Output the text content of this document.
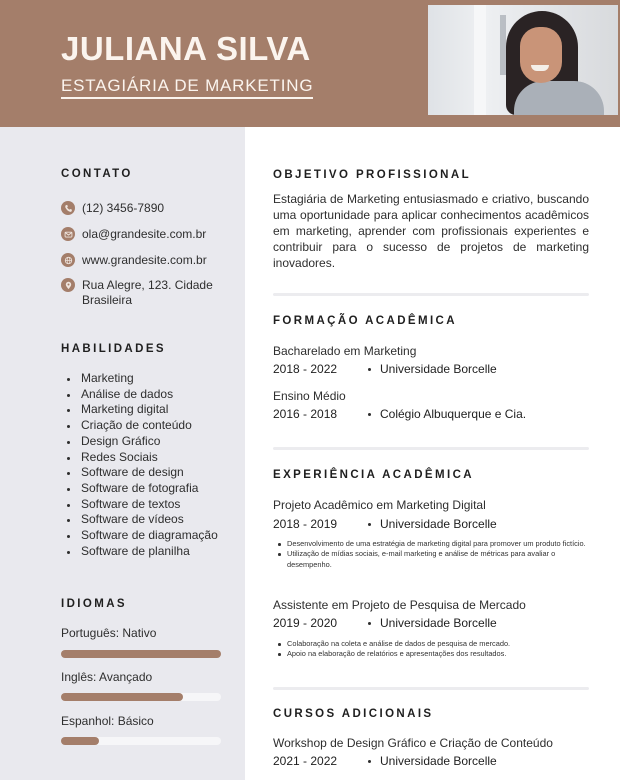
JULIANA SILVA
ESTAGIÁRIA DE MARKETING
CONTATO
(12) 3456-7890
ola@grandesite.com.br
www.grandesite.com.br
Rua Alegre, 123. Cidade Brasileira
HABILIDADES
Marketing
Análise de dados
Marketing digital
Criação de conteúdo
Design Gráfico
Redes Sociais
Software de design
Software de fotografia
Software de textos
Software de vídeos
Software de diagramação
Software de planilha
IDIOMAS
Português: Nativo
Inglês: Avançado
Espanhol: Básico
OBJETIVO PROFISSIONAL
Estagiária de Marketing entusiasmado e criativo, buscando uma oportunidade para aplicar conhecimentos acadêmicos em marketing, aprender com profissionais experientes e contribuir para o sucesso de projetos de marketing inovadores.
FORMAÇÃO ACADÊMICA
Bacharelado em Marketing
2018 - 2022	Universidade Borcelle
Ensino Médio
2016 - 2018	Colégio Albuquerque e Cia.
EXPERIÊNCIA ACADÊMICA
Projeto Acadêmico em Marketing Digital
2018 - 2019	Universidade Borcelle
Desenvolvimento de uma estratégia de marketing digital para promover um produto fictício.
Utilização de mídias sociais, e-mail marketing e análise de métricas para avaliar o desempenho.
Assistente em Projeto de Pesquisa de Mercado
2019 - 2020	Universidade Borcelle
Colaboração na coleta e análise de dados de pesquisa de mercado.
Apoio na elaboração de relatórios e apresentações dos resultados.
CURSOS ADICIONAIS
Workshop de Design Gráfico e Criação de Conteúdo
2021 - 2022	Universidade Borcelle
